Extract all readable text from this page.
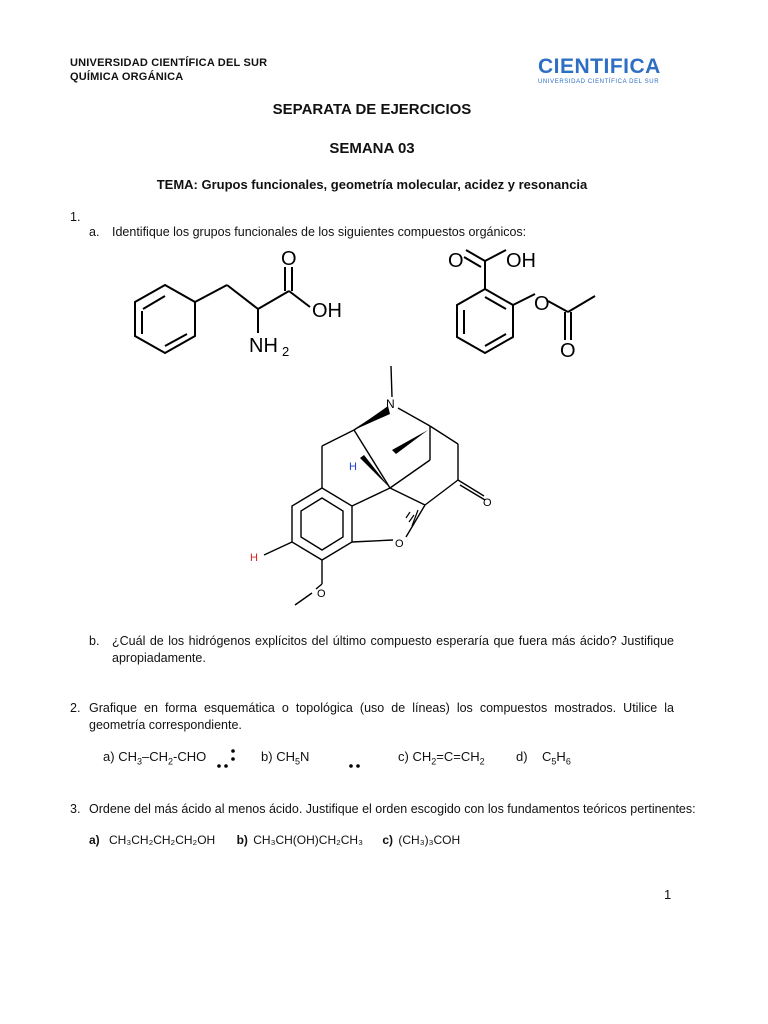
UNIVERSIDAD CIENTÍFICA DEL SUR
QUÍMICA ORGÁNICA	CIENTIFICA
UNIVERSIDAD CIENTÍFICA DEL SUR
SEPARATA DE EJERCICIOS
SEMANA 03
TEMA: Grupos funcionales, geometría molecular, acidez y resonancia
1.
a. Identifique los grupos funcionales de los siguientes compuestos orgánicos:
O
OH
NH 2
O OH
O
O
N
H
H
O
O
O
b. ¿Cuál de los hidrógenos explícitos del último compuesto esperaría que fuera más ácido? Justifique apropiadamente.
2. Grafique en forma esquemática o topológica (uso de líneas) los compuestos mostrados. Utilice la geometría correspondiente.
a) $CH_3-CH_2$-CHO	b) $CH_5N$	c) $CH_2=C=CH_2$ d) $C_5H_6$
3. Ordene del más ácido al menos ácido. Justifique el orden escogido con los fundamentos teóricos pertinentes:
a) CH₃CH₂CH₂CH₂OH b) CH₃CH(OH)CH₂CH₃ c) (CH₃)₃COH
1
